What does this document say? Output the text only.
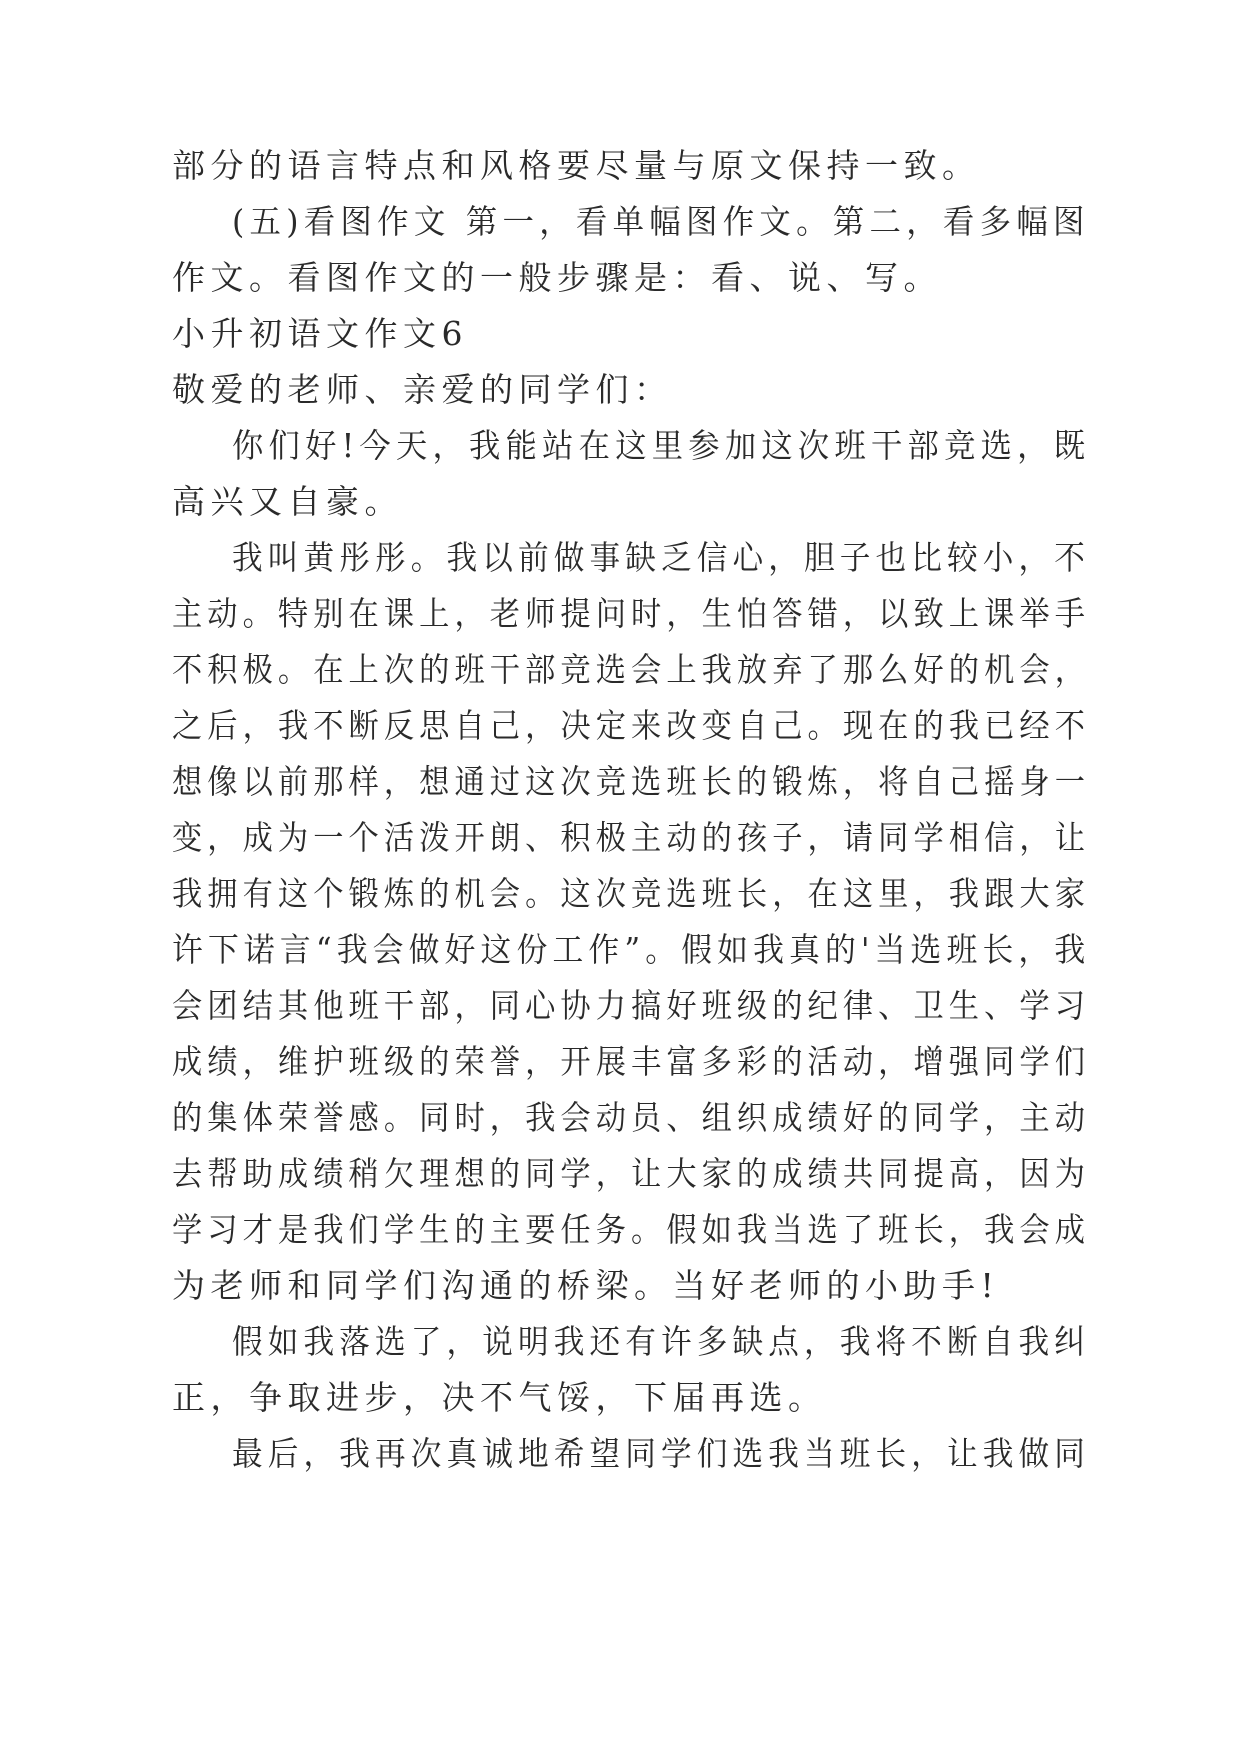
部分的语言特点和风格要尽量与原文保持一致。
(五)看图作文 第一，看单幅图作文。第二，看多幅图
作文。看图作文的一般步骤是：看、说、写。
小升初语文作文6
敬爱的老师、亲爱的同学们：
你们好!今天，我能站在这里参加这次班干部竞选，既
高兴又自豪。
我叫黄彤彤。我以前做事缺乏信心，胆子也比较小，不
主动。特别在课上，老师提问时，生怕答错，以致上课举手
不积极。在上次的班干部竞选会上我放弃了那么好的机会，
之后，我不断反思自己，决定来改变自己。现在的我已经不
想像以前那样，想通过这次竞选班长的锻炼，将自己摇身一
变，成为一个活泼开朗、积极主动的孩子，请同学相信，让
我拥有这个锻炼的机会。这次竞选班长，在这里，我跟大家
许下诺言“我会做好这份工作”。假如我真的'当选班长，我
会团结其他班干部，同心协力搞好班级的纪律、卫生、学习
成绩，维护班级的荣誉，开展丰富多彩的活动，增强同学们
的集体荣誉感。同时，我会动员、组织成绩好的同学，主动
去帮助成绩稍欠理想的同学，让大家的成绩共同提高，因为
学习才是我们学生的主要任务。假如我当选了班长，我会成
为老师和同学们沟通的桥梁。当好老师的小助手!
假如我落选了，说明我还有许多缺点，我将不断自我纠
正，争取进步，决不气馁，下届再选。
最后，我再次真诚地希望同学们选我当班长，让我做同
